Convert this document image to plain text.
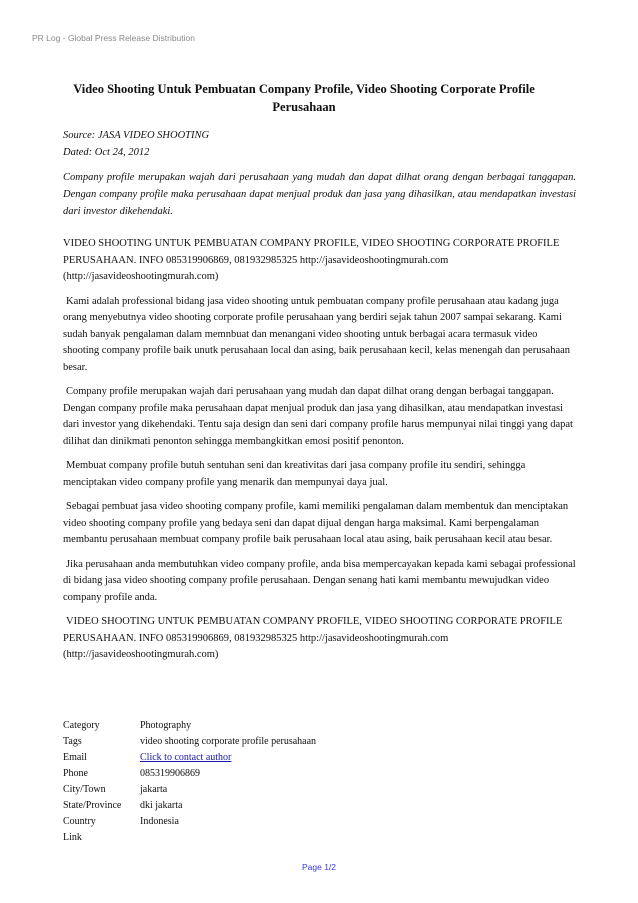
PR Log - Global Press Release Distribution
Video Shooting Untuk Pembuatan Company Profile, Video Shooting Corporate Profile Perusahaan
Source: JASA VIDEO SHOOTING
Dated: Oct 24, 2012
Company profile merupakan wajah dari perusahaan yang mudah dan dapat dilhat orang dengan berbagai tanggapan. Dengan company profile maka perusahaan dapat menjual produk dan jasa yang dihasilkan, atau mendapatkan investasi dari investor dikehendaki.

VIDEO SHOOTING UNTUK PEMBUATAN COMPANY PROFILE, VIDEO SHOOTING CORPORATE PROFILE PERUSAHAAN. INFO 085319906869, 081932985325 http://jasavideoshootingmurah.com (http://jasavideoshootingmurah.com)

Kami adalah professional bidang jasa video shooting untuk pembuatan company profile perusahaan atau kadang juga orang menyebutnya video shooting corporate profile perusahaan yang berdiri sejak tahun 2007 sampai sekarang. Kami sudah banyak pengalaman dalam memnbuat dan menangani video shooting untuk berbagai acara termasuk video shooting company profile baik unutk perusahaan local dan asing, baik perusahaan kecil, kelas menengah dan perusahaan besar.

Company profile merupakan wajah dari perusahaan yang mudah dan dapat dilhat orang dengan berbagai tanggapan. Dengan company profile maka perusahaan dapat menjual produk dan jasa yang dihasilkan, atau mendapatkan investasi dari investor yang dikehendaki. Tentu saja design dan seni dari company profile harus mempunyai nilai tinggi yang dapat dilihat dan dinikmati penonton sehingga membangkitkan emosi positif penonton.

Membuat company profile butuh sentuhan seni dan kreativitas dari jasa company profile itu sendiri, sehingga menciptakan video company profile yang menarik dan mempunyai daya jual.

Sebagai pembuat jasa video shooting company profile, kami memiliki pengalaman dalam membentuk dan menciptakan video shooting company profile yang bedaya seni dan dapat dijual dengan harga maksimal. Kami berpengalaman membantu perusahaan membuat company profile baik perusahaan local atau asing, baik perusahaan kecil atau besar.

Jika perusahaan anda membutuhkan video company profile, anda bisa mempercayakan kepada kami sebagai professional di bidang jasa video shooting company profile perusahaan. Dengan senang hati kami membantu mewujudkan video company profile anda.

VIDEO SHOOTING UNTUK PEMBUATAN COMPANY PROFILE, VIDEO SHOOTING CORPORATE PROFILE PERUSAHAAN. INFO 085319906869, 081932985325 http://jasavideoshootingmurah.com (http://jasavideoshootingmurah.com)

Category	Photography
Tags	video shooting corporate profile perusahaan
Email	Click to contact author
Phone	085319906869
City/Town	jakarta
State/Province	dki jakarta
Country	Indonesia
Link	
Page 1/2
